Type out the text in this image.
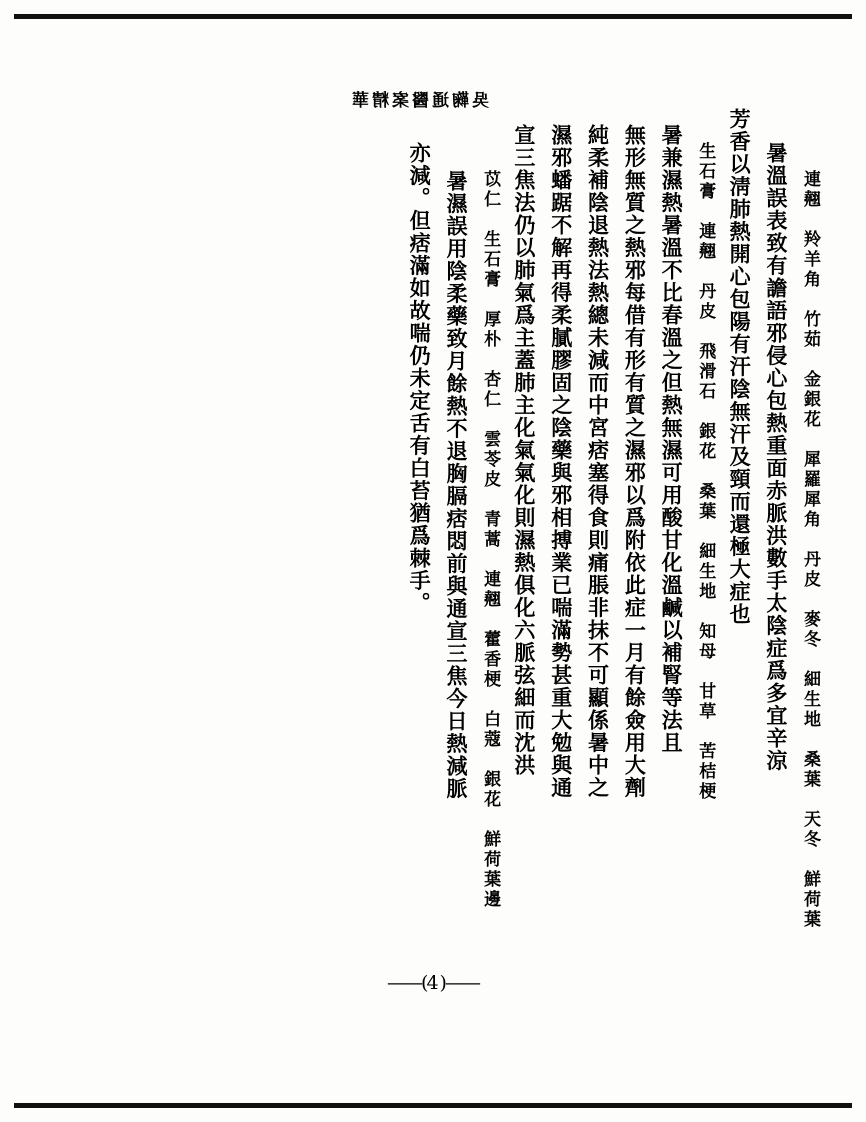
吳
鞠
通
醫
案
精
華
連翹　羚羊角　竹茹　金銀花　犀羅犀角　丹皮　麥冬　細生地　桑葉　天冬　鮮荷葉
暑溫誤表致有譫語邪侵心包熱重面赤脈洪數手太陰症爲多宜辛涼
芳香以淸肺熱開心包陽有汗陰無汗及頸而還極大症也
生石膏　連翹　丹皮　飛滑石　銀花　桑葉　細生地　知母　甘草　苦桔梗
暑兼濕熱暑溫不比春溫之但熱無濕可用酸甘化溫鹹以補腎等法且
無形無質之熱邪每借有形有質之濕邪以爲附依此症一月有餘僉用大劑
純柔補陰退熱法熱總未減而中宮痞塞得食則痛脹非抹不可顯係暑中之
濕邪蟠踞不解再得柔膩膠固之陰藥與邪相搏業已喘滿勢甚重大勉與通
宣三焦法仍以肺氣爲主蓋肺主化氣氣化則濕熱俱化六脈弦細而沈洪
苡仁　生石膏　厚朴　杏仁　雲苓皮　青蒿　連翹　藿香梗　白蔻　銀花　鮮荷葉邊
暑濕誤用陰柔藥致月餘熱不退胸膈痞悶前與通宣三焦今日熱減脈
亦減。但痞滿如故喘仍未定舌有白苔猶爲棘手。
——(4)——
